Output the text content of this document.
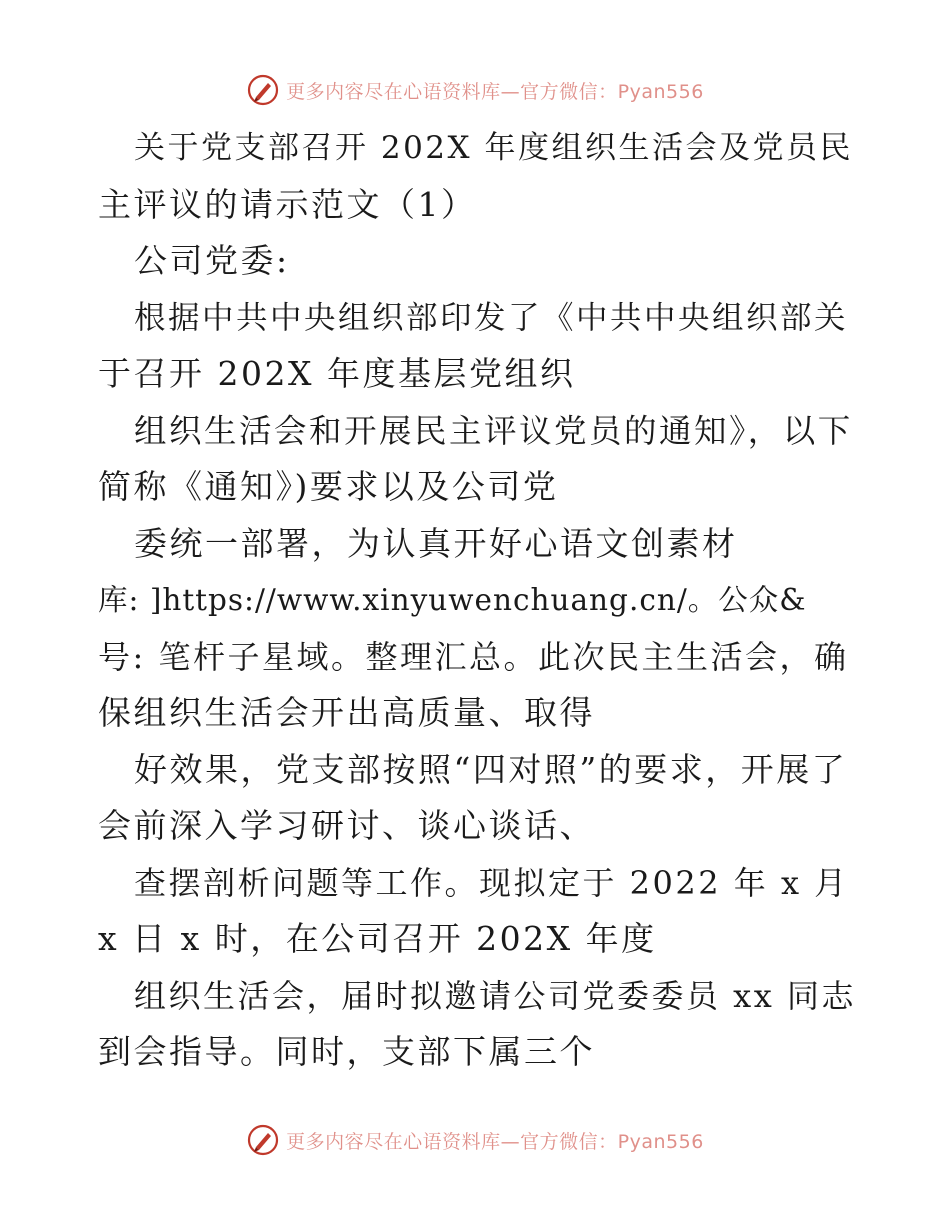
更多内容尽在心语资料库—官方微信：Pyan556
关于党支部召开 202X 年度组织生活会及党员民
主评议的请示范文（1）
公司党委:
根据中共中央组织部印发了《中共中央组织部关
于召开 202X 年度基层党组织
组织生活会和开展民主评议党员的通知》，以下
简称《通知》)要求以及公司党
委统一部署，为认真开好心语文创素材
库: ]https://www.xinyuwenchuang.cn/。公众&
号: 笔杆子星域。整理汇总。此次民主生活会，确
保组织生活会开出高质量、取得
好效果，党支部按照“四对照”的要求，开展了
会前深入学习研讨、谈心谈话、
查摆剖析问题等工作。现拟定于 2022 年 x 月
x 日 x 时，在公司召开 202X 年度
组织生活会，届时拟邀请公司党委委员 xx 同志
到会指导。同时，支部下属三个
更多内容尽在心语资料库—官方微信：Pyan556
